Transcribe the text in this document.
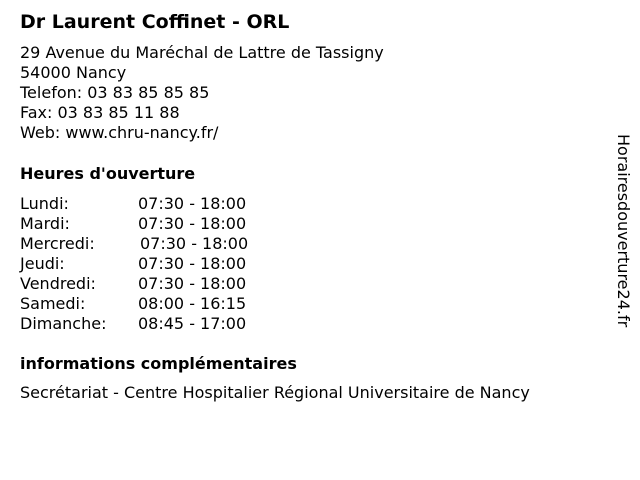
Dr Laurent Coffinet - ORL
29 Avenue du Maréchal de Lattre de Tassigny
54000 Nancy
Telefon: 03 83 85 85 85
Fax: 03 83 85 11 88
Web: www.chru-nancy.fr/
Heures d'ouverture
Lundi:	07:30 - 18:00
Mardi:	07:30 - 18:00
Mercredi:	07:30 - 18:00
Jeudi:	07:30 - 18:00
Vendredi:	07:30 - 18:00
Samedi:	08:00 - 16:15
Dimanche: 08:45 - 17:00
informations complémentaires
Secrétariat - Centre Hospitalier Régional Universitaire de Nancy
Horairesdouverture24.fr
